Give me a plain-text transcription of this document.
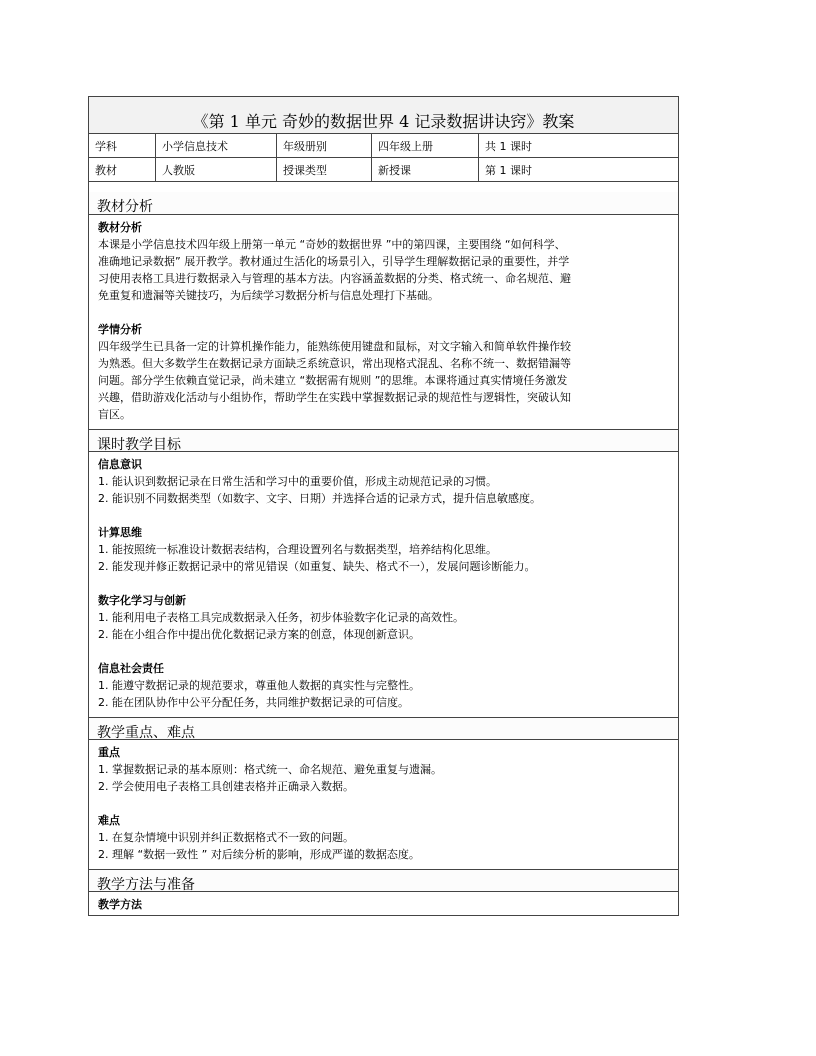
《第 1 单元 奇妙的数据世界 4 记录数据讲诀窍》教案
学科	小学信息技术	年级册别	四年级上册	共 1 课时
教材	人教版	授课类型	新授课	第 1 课时
教材分析

教材分析

本课是小学信息技术四年级上册第一单元 “奇妙的数据世界 ”中的第四课，主要围绕 “如何科学、

准确地记录数据” 展开教学。教材通过生活化的场景引入，引导学生理解数据记录的重要性，并学

习使用表格工具进行数据录入与管理的基本方法。内容涵盖数据的分类、格式统一、命名规范、避

免重复和遗漏等关键技巧，为后续学习数据分析与信息处理打下基础。

学情分析

四年级学生已具备一定的计算机操作能力，能熟练使用键盘和鼠标，对文字输入和简单软件操作较

为熟悉。但大多数学生在数据记录方面缺乏系统意识，常出现格式混乱、名称不统一、数据错漏等

问题。部分学生依赖直觉记录，尚未建立 “数据需有规则 ”的思维。本课将通过真实情境任务激发

兴趣，借助游戏化活动与小组协作，帮助学生在实践中掌握数据记录的规范性与逻辑性，突破认知

盲区。

课时教学目标

信息意识

1. 能认识到数据记录在日常生活和学习中的重要价值，形成主动规范记录的习惯。

2. 能识别不同数据类型（如数字、文字、日期）并选择合适的记录方式，提升信息敏感度。

计算思维

1. 能按照统一标准设计数据表结构，合理设置列名与数据类型，培养结构化思维。

2. 能发现并修正数据记录中的常见错误（如重复、缺失、格式不一），发展问题诊断能力。

数字化学习与创新

1. 能利用电子表格工具完成数据录入任务，初步体验数字化记录的高效性。

2. 能在小组合作中提出优化数据记录方案的创意，体现创新意识。

信息社会责任

1. 能遵守数据记录的规范要求，尊重他人数据的真实性与完整性。

2. 能在团队协作中公平分配任务，共同维护数据记录的可信度。

教学重点、难点

重点

1. 掌握数据记录的基本原则：格式统一、命名规范、避免重复与遗漏。

2. 学会使用电子表格工具创建表格并正确录入数据。

难点

1. 在复杂情境中识别并纠正数据格式不一致的问题。

2. 理解 “数据一致性 ” 对后续分析的影响，形成严谨的数据态度。

教学方法与准备

教学方法
